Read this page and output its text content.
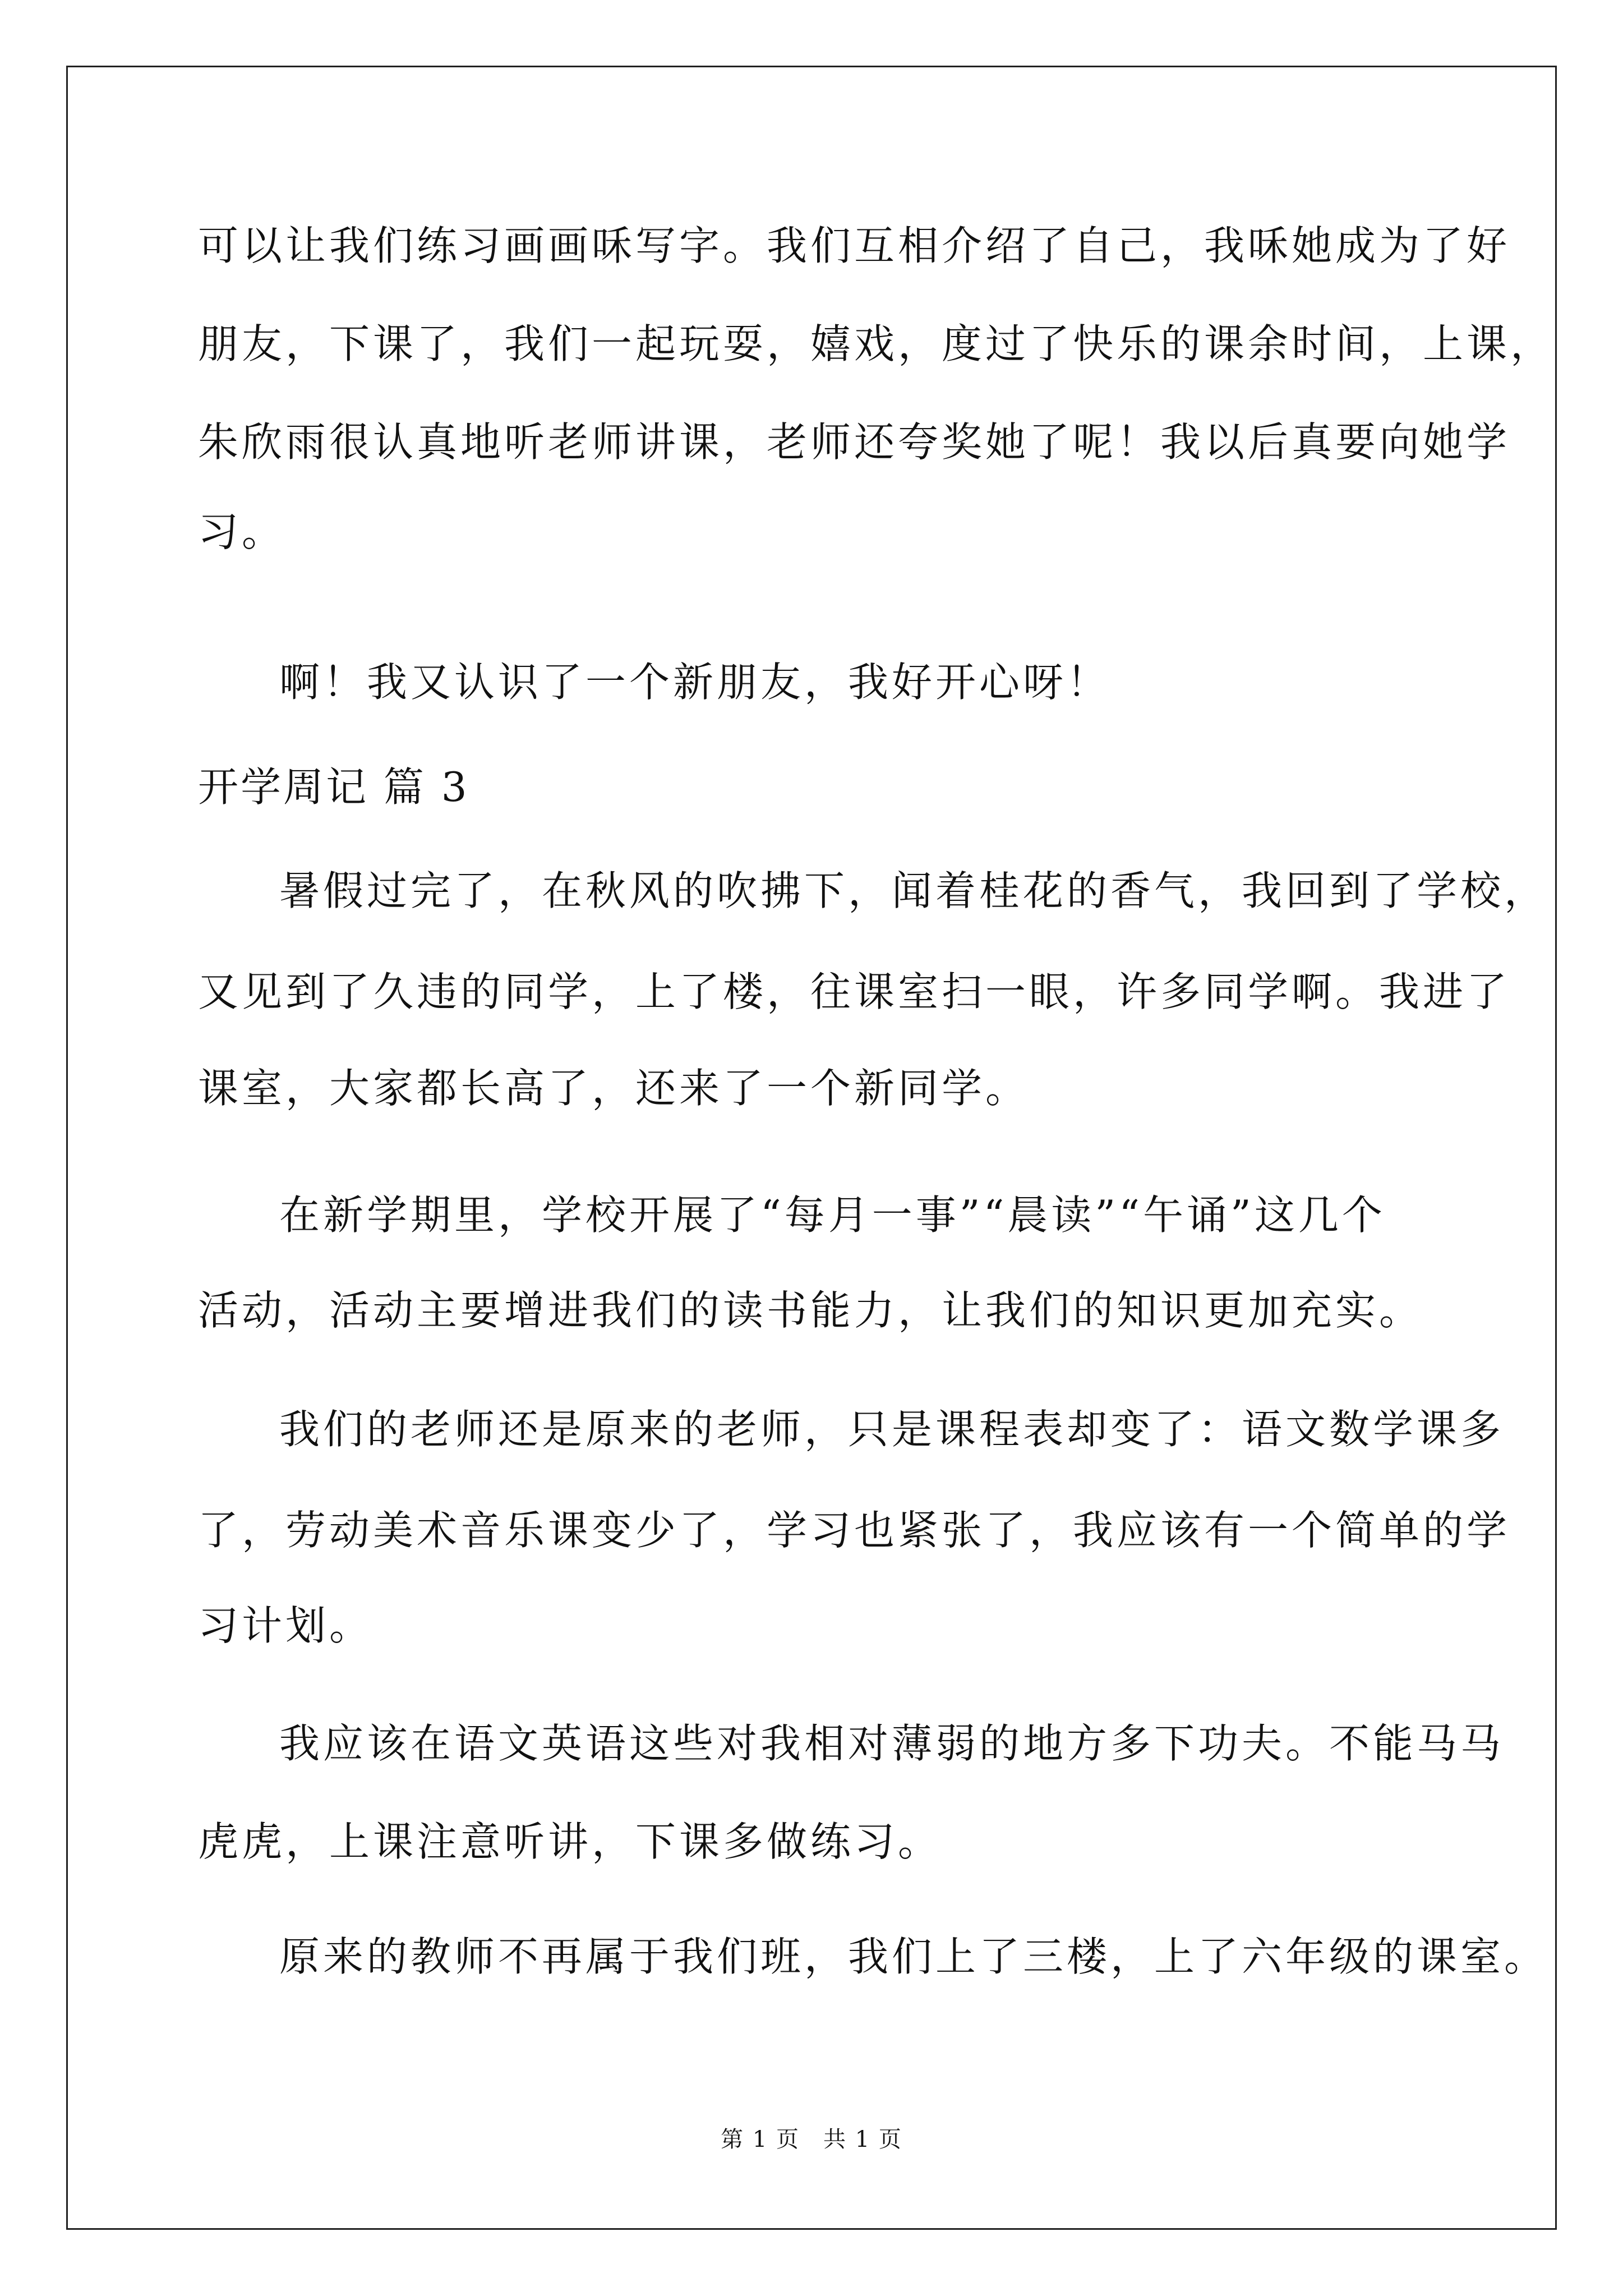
可以让我们练习画画咊写字。我们互相介绍了自己，我咊她成为了好
朋友，下课了，我们一起玩耍，嬉戏，度过了快乐的课余时间，上课，
朱欣雨很认真地听老师讲课，老师还夸奖她了呢！我以后真要向她学
习。
啊！我又认识了一个新朋友，我好开心呀！
开学周记 篇 3
暑假过完了，在秋风的吹拂下，闻着桂花的香气，我回到了学校，
又见到了久违的同学，上了楼，往课室扫一眼，许多同学啊。我进了
课室，大家都长高了，还来了一个新同学。
在新学期里，学校开展了“每月一事”“晨读”“午诵”这几个
活动，活动主要增进我们的读书能力，让我们的知识更加充实。
我们的老师还是原来的老师，只是课程表却变了：语文数学课多
了，劳动美术音乐课变少了，学习也紧张了，我应该有一个简单的学
习计划。
我应该在语文英语这些对我相对薄弱的地方多下功夫。不能马马
虎虎，上课注意听讲，下课多做练习。
原来的教师不再属于我们班，我们上了三楼，上了六年级的课室。
第 1 页　共 1 页
